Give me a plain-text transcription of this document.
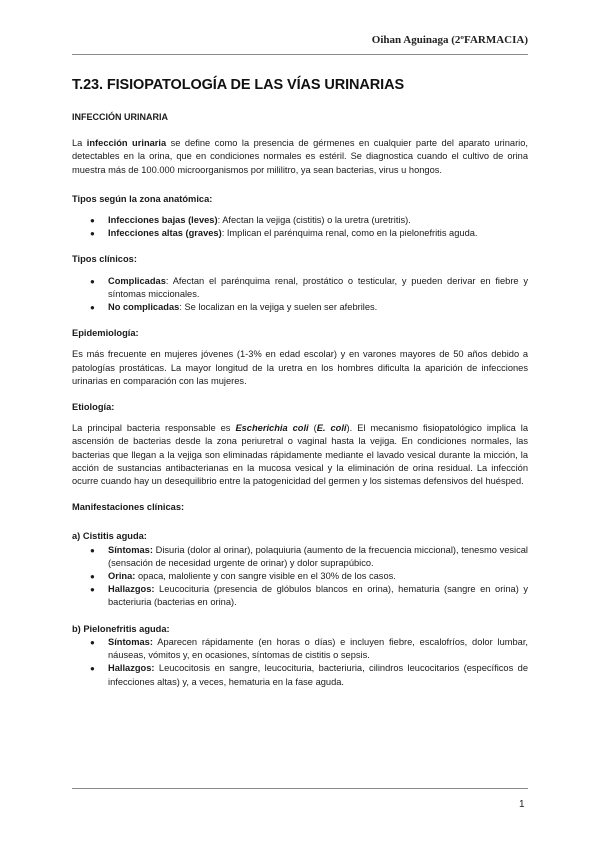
Oihan Aguinaga (2ºFARMACIA)
T.23. FISIOPATOLOGÍA DE LAS VÍAS URINARIAS
INFECCIÓN URINARIA

La infección urinaria se define como la presencia de gérmenes en cualquier parte del aparato urinario, detectables en la orina, que en condiciones normales es estéril. Se diagnostica cuando el cultivo de orina muestra más de 100.000 microorganismos por mililitro, ya sean bacterias, virus u hongos.

Tipos según la zona anatómica:
● Infecciones bajas (leves): Afectan la vejiga (cistitis) o la uretra (uretritis).
● Infecciones altas (graves): Implican el parénquima renal, como en la pielonefritis aguda.
Tipos clínicos:
● Complicadas: Afectan el parénquima renal, prostático o testicular, y pueden derivar en fiebre y síntomas miccionales.
● No complicadas: Se localizan en la vejiga y suelen ser afebriles.
Epidemiología:

Es más frecuente en mujeres jóvenes (1-3% en edad escolar) y en varones mayores de 50 años debido a patologías prostáticas. La mayor longitud de la uretra en los hombres dificulta la aparición de infecciones urinarias en comparación con las mujeres.

Etiología:

La principal bacteria responsable es Escherichia coli (E. coli). El mecanismo fisiopatológico implica la ascensión de bacterias desde la zona periuretral o vaginal hasta la vejiga. En condiciones normales, las bacterias que llegan a la vejiga son eliminadas rápidamente mediante el lavado vesical durante la micción, la acción de sustancias antibacterianas en la mucosa vesical y la eliminación de orina residual. La infección ocurre cuando hay un desequilibrio entre la patogenicidad del germen y los sistemas defensivos del huésped.

Manifestaciones clínicas:
a) Cistitis aguda:
● Síntomas: Disuria (dolor al orinar), polaquiuria (aumento de la frecuencia miccional), tenesmo vesical (sensación de necesidad urgente de orinar) y dolor suprapúbico.
● Orina: opaca, maloliente y con sangre visible en el 30% de los casos.
● Hallazgos: Leucocituria (presencia de glóbulos blancos en orina), hematuria (sangre en orina) y bacteriuria (bacterias en orina).
b) Pielonefritis aguda:
● Síntomas: Aparecen rápidamente (en horas o días) e incluyen fiebre, escalofríos, dolor lumbar, náuseas, vómitos y, en ocasiones, síntomas de cistitis o sepsis.
● Hallazgos: Leucocitosis en sangre, leucocituria, bacteriuria, cilindros leucocitarios (específicos de infecciones altas) y, a veces, hematuria en la fase aguda.
1
